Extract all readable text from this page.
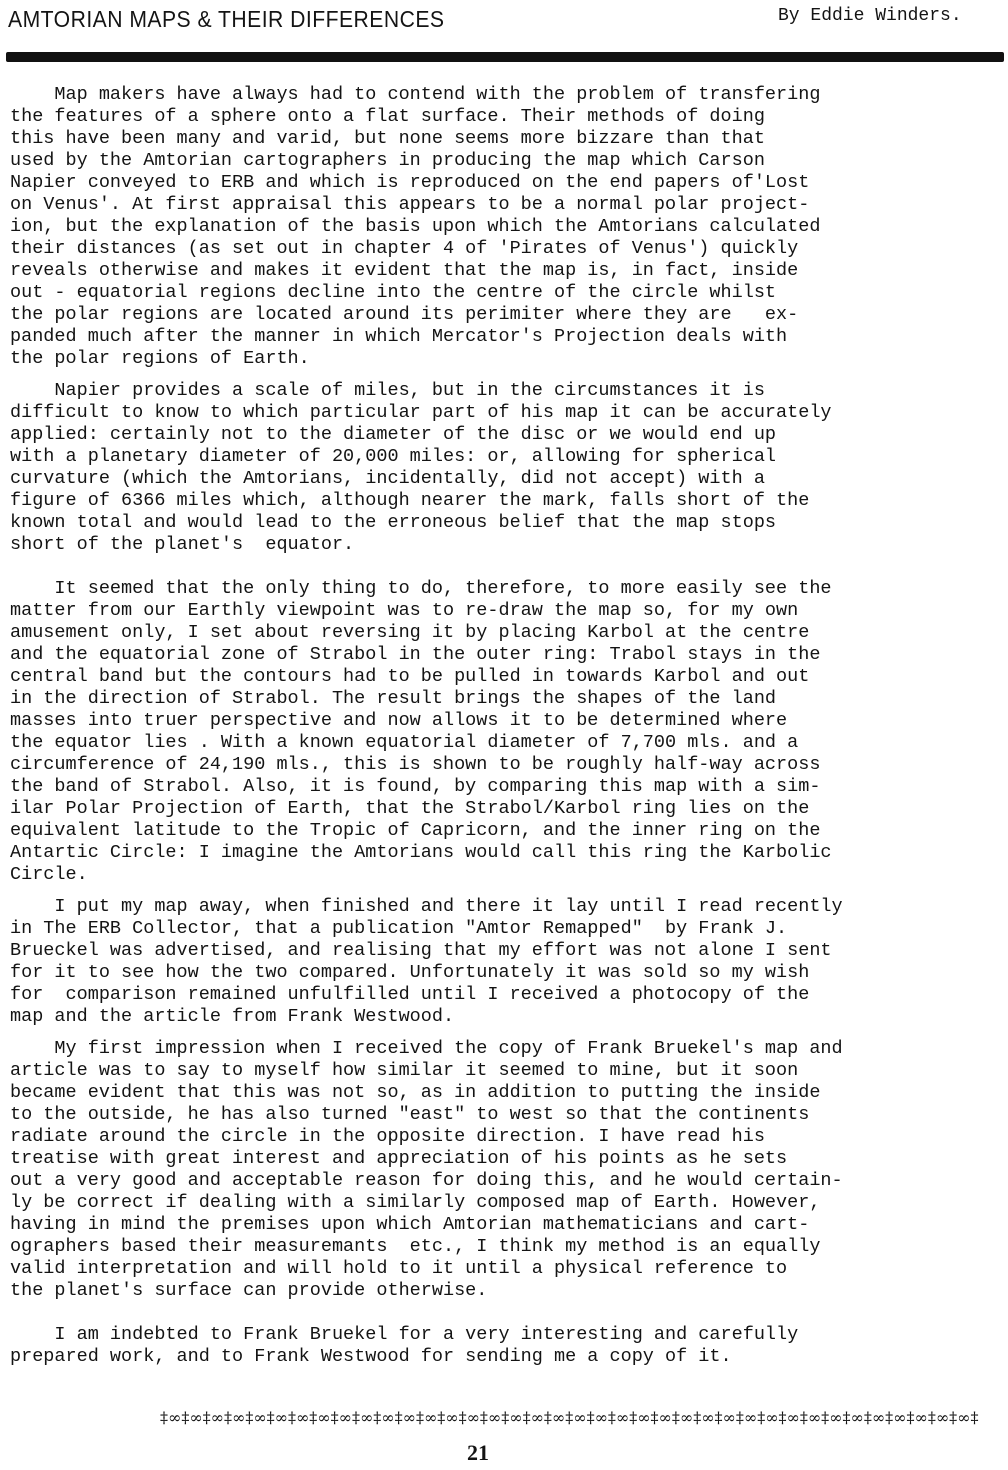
AMTORIAN MAPS & THEIR DIFFERENCES	By Eddie Winders.
Map makers have always had to contend with the problem of transfering
the features of a sphere onto a flat surface. Their methods of doing
this have been many and varid, but none seems more bizzare than that
used by the Amtorian cartographers in producing the map which Carson
Napier conveyed to ERB and which is reproduced on the end papers of'Lost
on Venus'. At first appraisal this appears to be a normal polar project-
ion, but the explanation of the basis upon which the Amtorians calculated
their distances (as set out in chapter 4 of 'Pirates of Venus') quickly
reveals otherwise and makes it evident that the map is, in fact, inside
out - equatorial regions decline into the centre of the circle whilst
the polar regions are located around its perimiter where they are   ex-
panded much after the manner in which Mercator's Projection deals with
the polar regions of Earth.
Napier provides a scale of miles, but in the circumstances it is
difficult to know to which particular part of his map it can be accurately
applied: certainly not to the diameter of the disc or we would end up
with a planetary diameter of 20,000 miles: or, allowing for spherical
curvature (which the Amtorians, incidentally, did not accept) with a
figure of 6366 miles which, although nearer the mark, falls short of the
known total and would lead to the erroneous belief that the map stops
short of the planet's  equator.
It seemed that the only thing to do, therefore, to more easily see the
matter from our Earthly viewpoint was to re-draw the map so, for my own
amusement only, I set about reversing it by placing Karbol at the centre
and the equatorial zone of Strabol in the outer ring: Trabol stays in the
central band but the contours had to be pulled in towards Karbol and out
in the direction of Strabol. The result brings the shapes of the land
masses into truer perspective and now allows it to be determined where
the equator lies . With a known equatorial diameter of 7,700 mls. and a
circumference of 24,190 mls., this is shown to be roughly half-way across
the band of Strabol. Also, it is found, by comparing this map with a sim-
ilar Polar Projection of Earth, that the Strabol/Karbol ring lies on the
equivalent latitude to the Tropic of Capricorn, and the inner ring on the
Antartic Circle: I imagine the Amtorians would call this ring the Karbolic
Circle.
I put my map away, when finished and there it lay until I read recently
in The ERB Collector, that a publication "Amtor Remapped"  by Frank J.
Brueckel was advertised, and realising that my effort was not alone I sent
for it to see how the two compared. Unfortunately it was sold so my wish
for  comparison remained unfulfilled until I received a photocopy of the
map and the article from Frank Westwood.
My first impression when I received the copy of Frank Bruekel's map and
article was to say to myself how similar it seemed to mine, but it soon
became evident that this was not so, as in addition to putting the inside
to the outside, he has also turned "east" to west so that the continents
radiate around the circle in the opposite direction. I have read his
treatise with great interest and appreciation of his points as he sets
out a very good and acceptable reason for doing this, and he would certain-
ly be correct if dealing with a similarly composed map of Earth. However,
having in mind the premises upon which Amtorian mathematicians and cart-
ographers based their measuremants  etc., I think my method is an equally
valid interpretation and will hold to it until a physical reference to
the planet's surface can provide otherwise.
I am indebted to Frank Bruekel for a very interesting and carefully
prepared work, and to Frank Westwood for sending me a copy of it.
‡∞‡∞‡∞‡∞‡∞‡∞‡∞‡∞‡∞‡∞‡∞‡∞‡∞‡∞‡∞‡∞‡∞‡∞‡∞‡∞‡∞‡∞‡∞‡∞‡∞‡∞‡∞‡∞‡∞‡∞‡∞‡∞‡∞‡∞‡∞‡∞‡∞‡∞‡
21
